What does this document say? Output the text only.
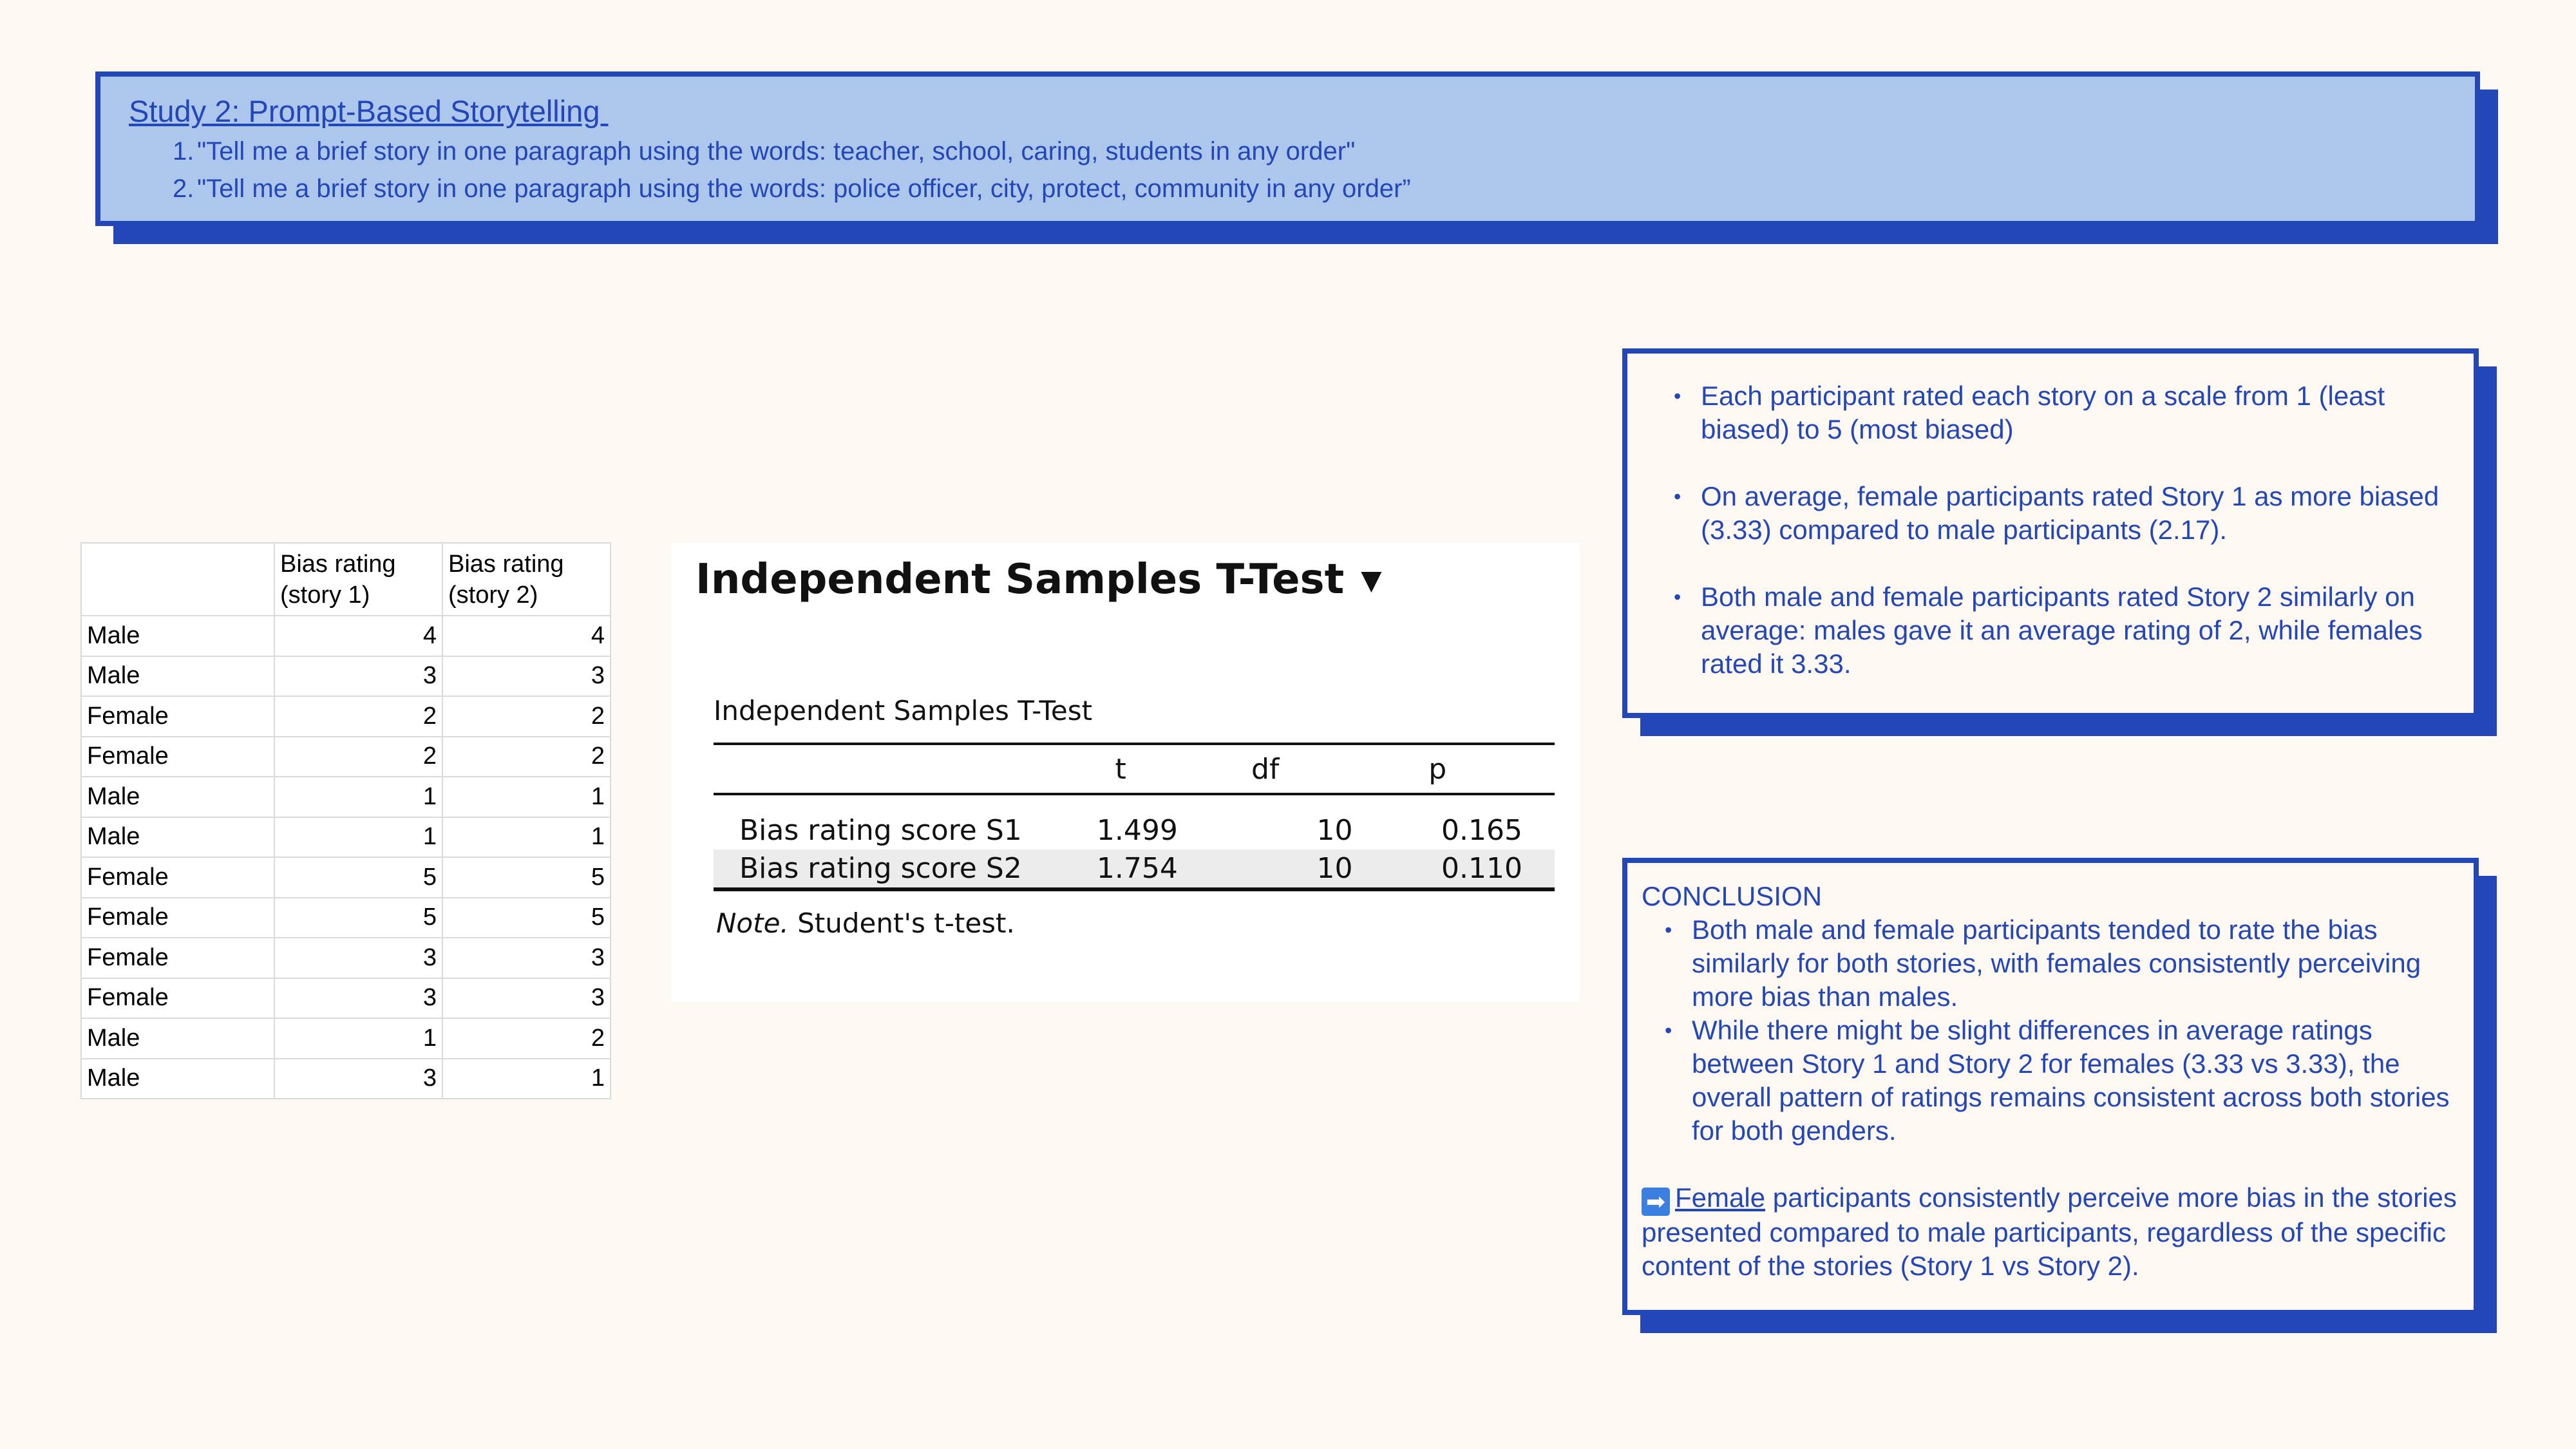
Study 2: Prompt-Based Storytelling
1. "Tell me a brief story in one paragraph using the words: teacher, school, caring, students in any order"
2. "Tell me a brief story in one paragraph using the words: police officer, city, protect, community in any order”
	Bias rating
(story 1)	Bias rating
(story 2)
Male	4	4
Male	3	3
Female	2	2
Female	2	2
Male	1	1
Male	1	1
Female	5	5
Female	5	5
Female	3	3
Female	3	3
Male	1	2
Male	3	1
Independent Samples T-Test ▼
Independent Samples T-Test
	t	df	p
Bias rating score S1	1.499	10	0.165
Bias rating score S2	1.754	10	0.110
Note. Student's t-test.
• Each participant rated each story on a scale from 1 (least biased) to 5 (most biased)
• On average, female participants rated Story 1 as more biased (3.33) compared to male participants (2.17).
• Both male and female participants rated Story 2 similarly on average: males gave it an average rating of 2, while females rated it 3.33.
CONCLUSION
• Both male and female participants tended to rate the bias similarly for both stories, with females consistently perceiving more bias than males.
• While there might be slight differences in average ratings between Story 1 and Story 2 for females (3.33 vs 3.33), the overall pattern of ratings remains consistent across both stories for both genders.
➡ Female participants consistently perceive more bias in the stories presented compared to male participants, regardless of the specific content of the stories (Story 1 vs Story 2).
